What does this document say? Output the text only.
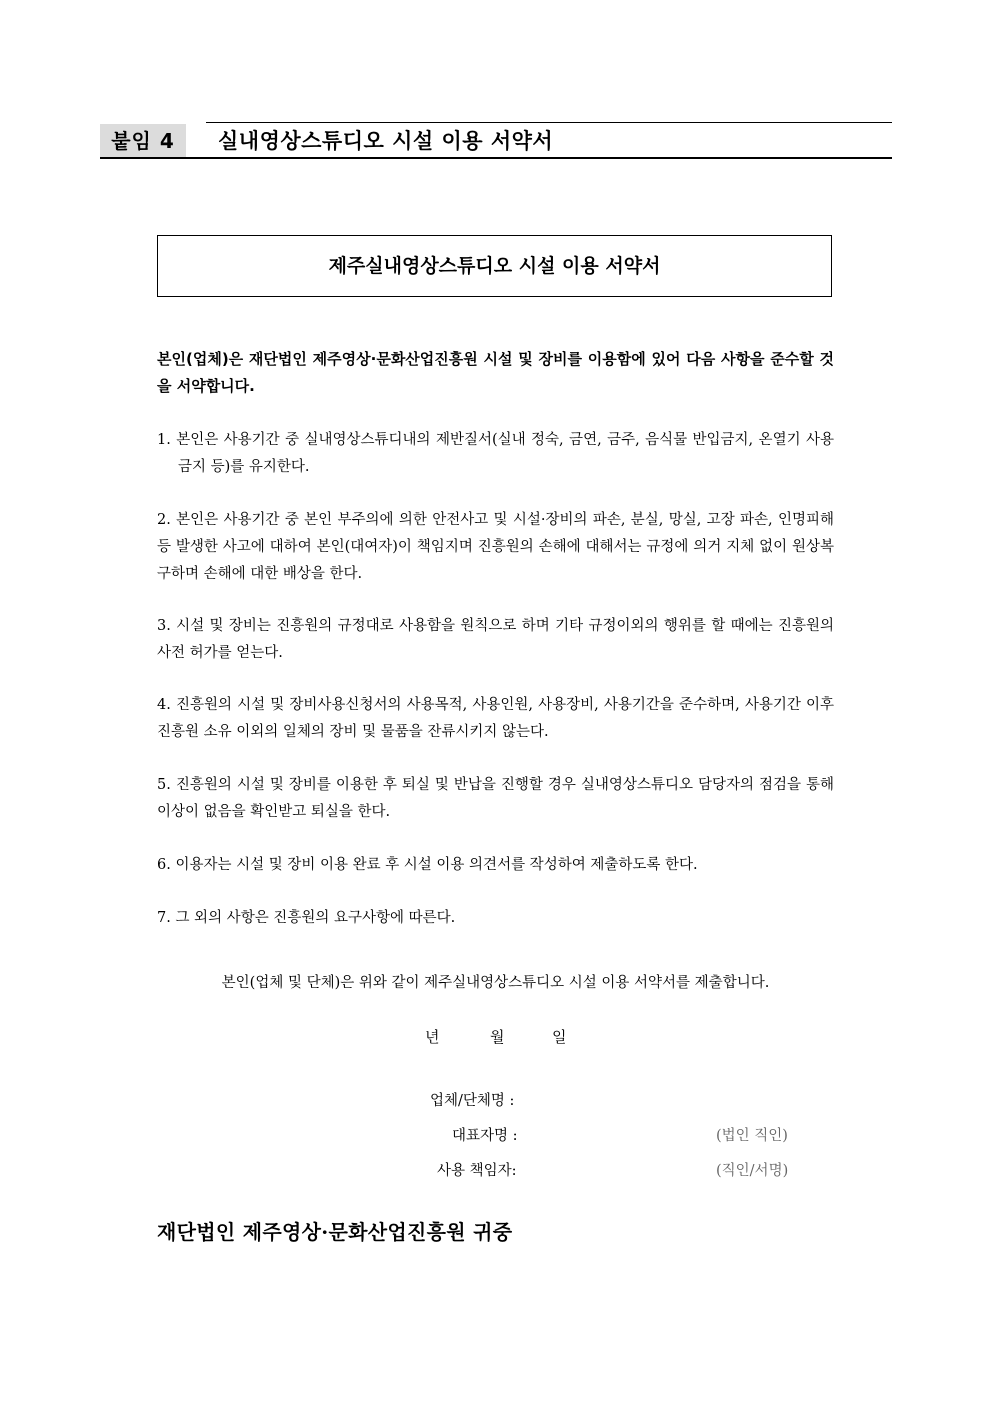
붙임 4	실내영상스튜디오 시설 이용 서약서
제주실내영상스튜디오 시설 이용 서약서
본인(업체)은 재단법인 제주영상·문화산업진흥원 시설 및 장비를 이용함에 있어 다음 사항을 준수할 것을 서약합니다.
1. 본인은 사용기간 중 실내영상스튜디내의 제반질서(실내 정숙, 금연, 금주, 음식물 반입금지, 온열기 사용 금지 등)를 유지한다.
2. 본인은 사용기간 중 본인 부주의에 의한 안전사고 및 시설·장비의 파손, 분실, 망실, 고장 파손, 인명피해 등 발생한 사고에 대하여 본인(대여자)이 책임지며 진흥원의 손해에 대해서는 규정에 의거 지체 없이 원상복구하며 손해에 대한 배상을 한다.
3. 시설 및 장비는 진흥원의 규정대로 사용함을 원칙으로 하며 기타 규정이외의 행위를 할 때에는 진흥원의 사전 허가를 얻는다.
4. 진흥원의 시설 및 장비사용신청서의 사용목적, 사용인원, 사용장비, 사용기간을 준수하며, 사용기간 이후 진흥원 소유 이외의 일체의 장비 및 물품을 잔류시키지 않는다.
5. 진흥원의 시설 및 장비를 이용한 후 퇴실 및 반납을 진행할 경우 실내영상스튜디오 담당자의 점검을 통해 이상이 없음을 확인받고 퇴실을 한다.
6. 이용자는 시설 및 장비 이용 완료 후 시설 이용 의견서를 작성하여 제출하도록 한다.
7. 그 외의 사항은 진흥원의 요구사항에 따른다.
본인(업체 및 단체)은 위와 같이 제주실내영상스튜디오 시설 이용 서약서를 제출합니다.
년	월	일
업체/단체명 :
대표자명 :	(법인 직인)
사용 책임자:	(직인/서명)
재단법인 제주영상·문화산업진흥원 귀중
